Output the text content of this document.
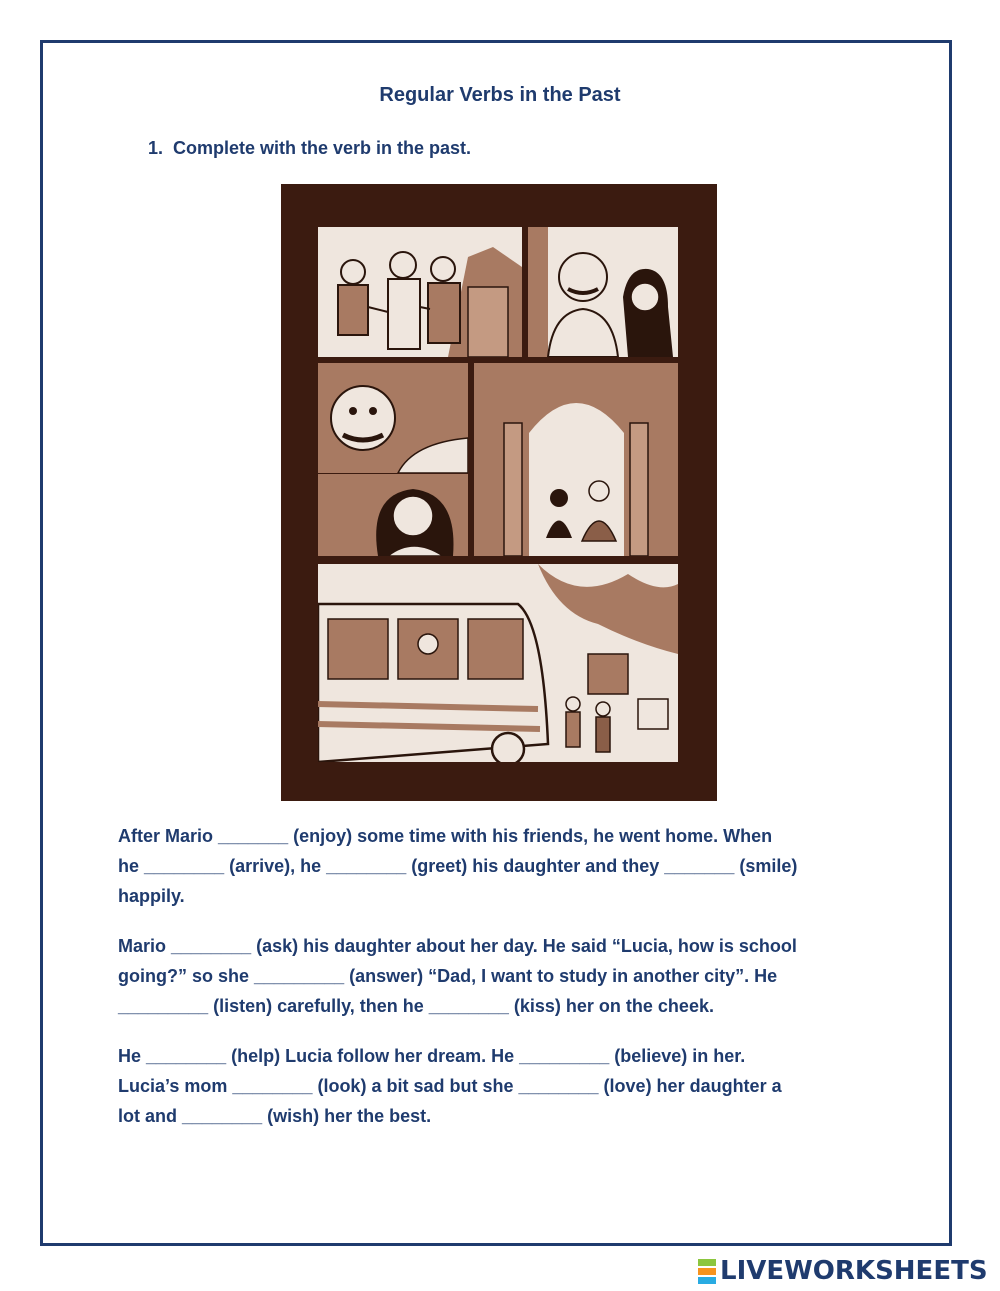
Regular Verbs in the Past
1. Complete with the verb in the past.

After Mario _______ (enjoy) some time with his friends, he went home. When

he ________ (arrive), he ________ (greet) his daughter and they _______ (smile)

happily.

Mario ________ (ask) his daughter about her day. He said “Lucia, how is school

going?” so she _________ (answer) “Dad, I want to study in another city”. He

_________ (listen) carefully, then he ________ (kiss) her on the cheek.

He ________ (help) Lucia follow her dream. He _________ (believe) in her.

Lucia’s mom ________ (look) a bit sad but she ________ (love) her daughter a

lot and ________ (wish) her the best.

LIVEWORKSHEETS
